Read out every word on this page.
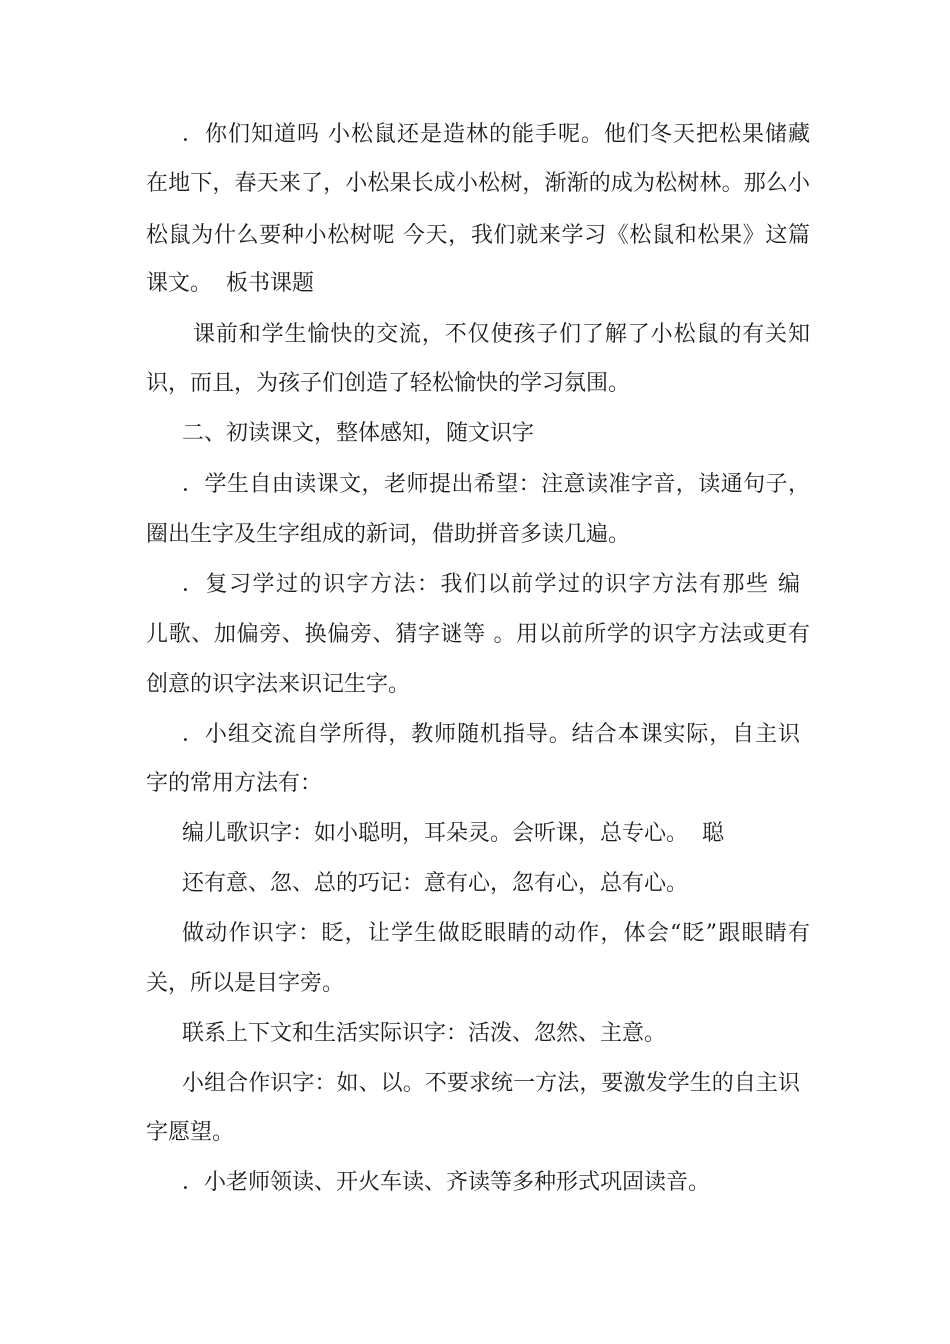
．你们知道吗 小松鼠还是造林的能手呢。他们冬天把松果储藏
在地下，春天来了，小松果长成小松树，渐渐的成为松树林。那么小
松鼠为什么要种小松树呢 今天，我们就来学习《松鼠和松果》这篇
课文。  板书课题
课前和学生愉快的交流，不仅使孩子们了解了小松鼠的有关知
识，而且，为孩子们创造了轻松愉快的学习氛围。
二、初读课文，整体感知，随文识字
．学生自由读课文，老师提出希望：注意读准字音，读通句子，
圈出生字及生字组成的新词，借助拼音多读几遍。
．复习学过的识字方法：我们以前学过的识字方法有那些 编
儿歌、加偏旁、换偏旁、猜字谜等 。用以前所学的识字方法或更有
创意的识字法来识记生字。
．小组交流自学所得，教师随机指导。结合本课实际，自主识
字的常用方法有：
编儿歌识字：如小聪明，耳朵灵。会听课，总专心。  聪
还有意、忽、总的巧记：意有心，忽有心，总有心。
做动作识字：眨，让学生做眨眼睛的动作，体会“眨”跟眼睛有
关，所以是目字旁。
联系上下文和生活实际识字：活泼、忽然、主意。
小组合作识字：如、以。不要求统一方法，要激发学生的自主识
字愿望。
．小老师领读、开火车读、齐读等多种形式巩固读音。
